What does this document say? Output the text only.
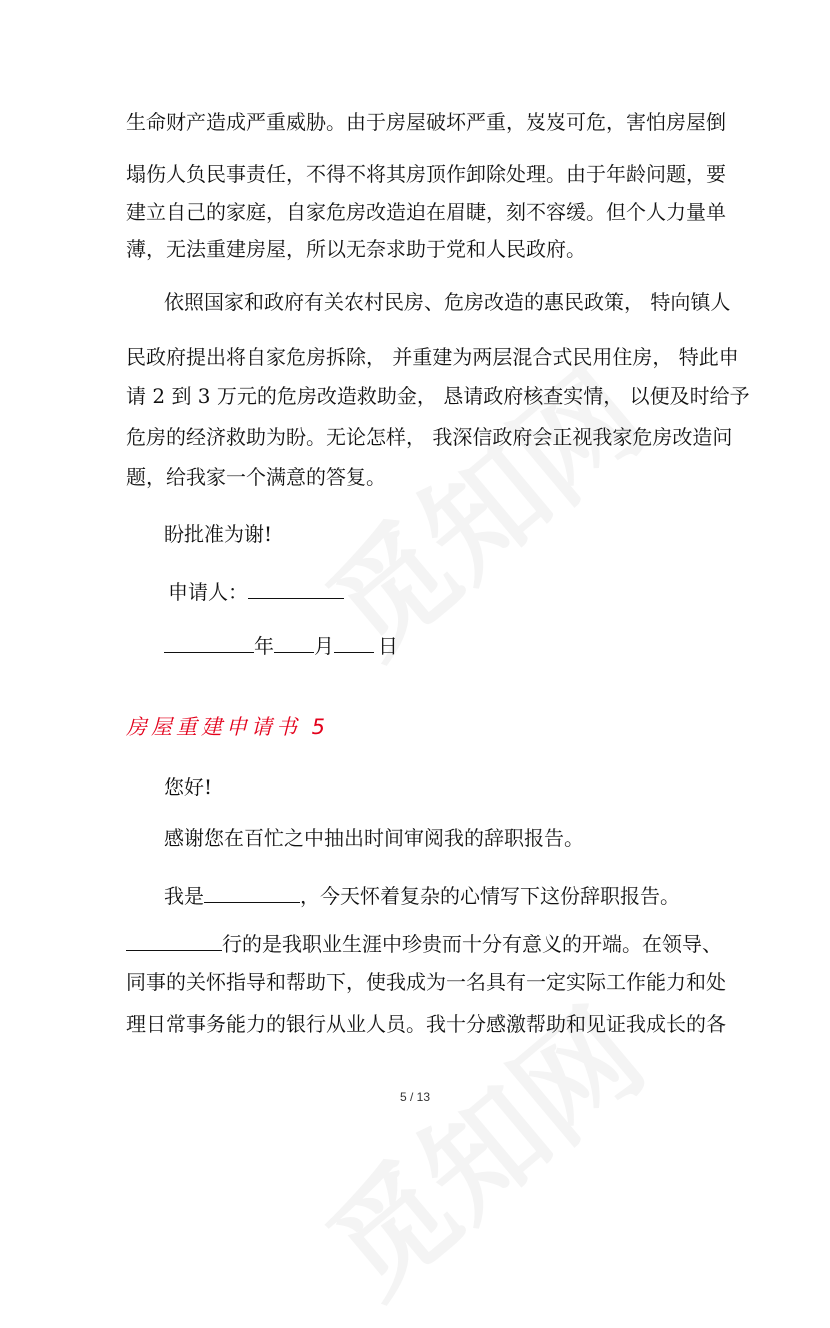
生命财产造成严重威胁。由于房屋破坏严重，岌岌可危，害怕房屋倒
塌伤人负民事责任，不得不将其房顶作卸除处理。由于年龄问题，要
建立自己的家庭，自家危房改造迫在眉睫，刻不容缓。但个人力量单
薄，无法重建房屋，所以无奈求助于党和人民政府。
依照国家和政府有关农村民房、危房改造的惠民政策， 特向镇人
民政府提出将自家危房拆除， 并重建为两层混合式民用住房， 特此申
请 2 到 3 万元的危房改造救助金， 恳请政府核查实情， 以便及时给予
危房的经济救助为盼。无论怎样， 我深信政府会正视我家危房改造问
题，给我家一个满意的答复。
盼批准为谢!
申请人：
年 月 日
房屋重建申请书 5
您好!
感谢您在百忙之中抽出时间审阅我的辞职报告。
我是	，今天怀着复杂的心情写下这份辞职报告。
行的是我职业生涯中珍贵而十分有意义的开端。在领导、
同事的关怀指导和帮助下，使我成为一名具有一定实际工作能力和处
理日常事务能力的银行从业人员。我十分感激帮助和见证我成长的各
5 / 13
